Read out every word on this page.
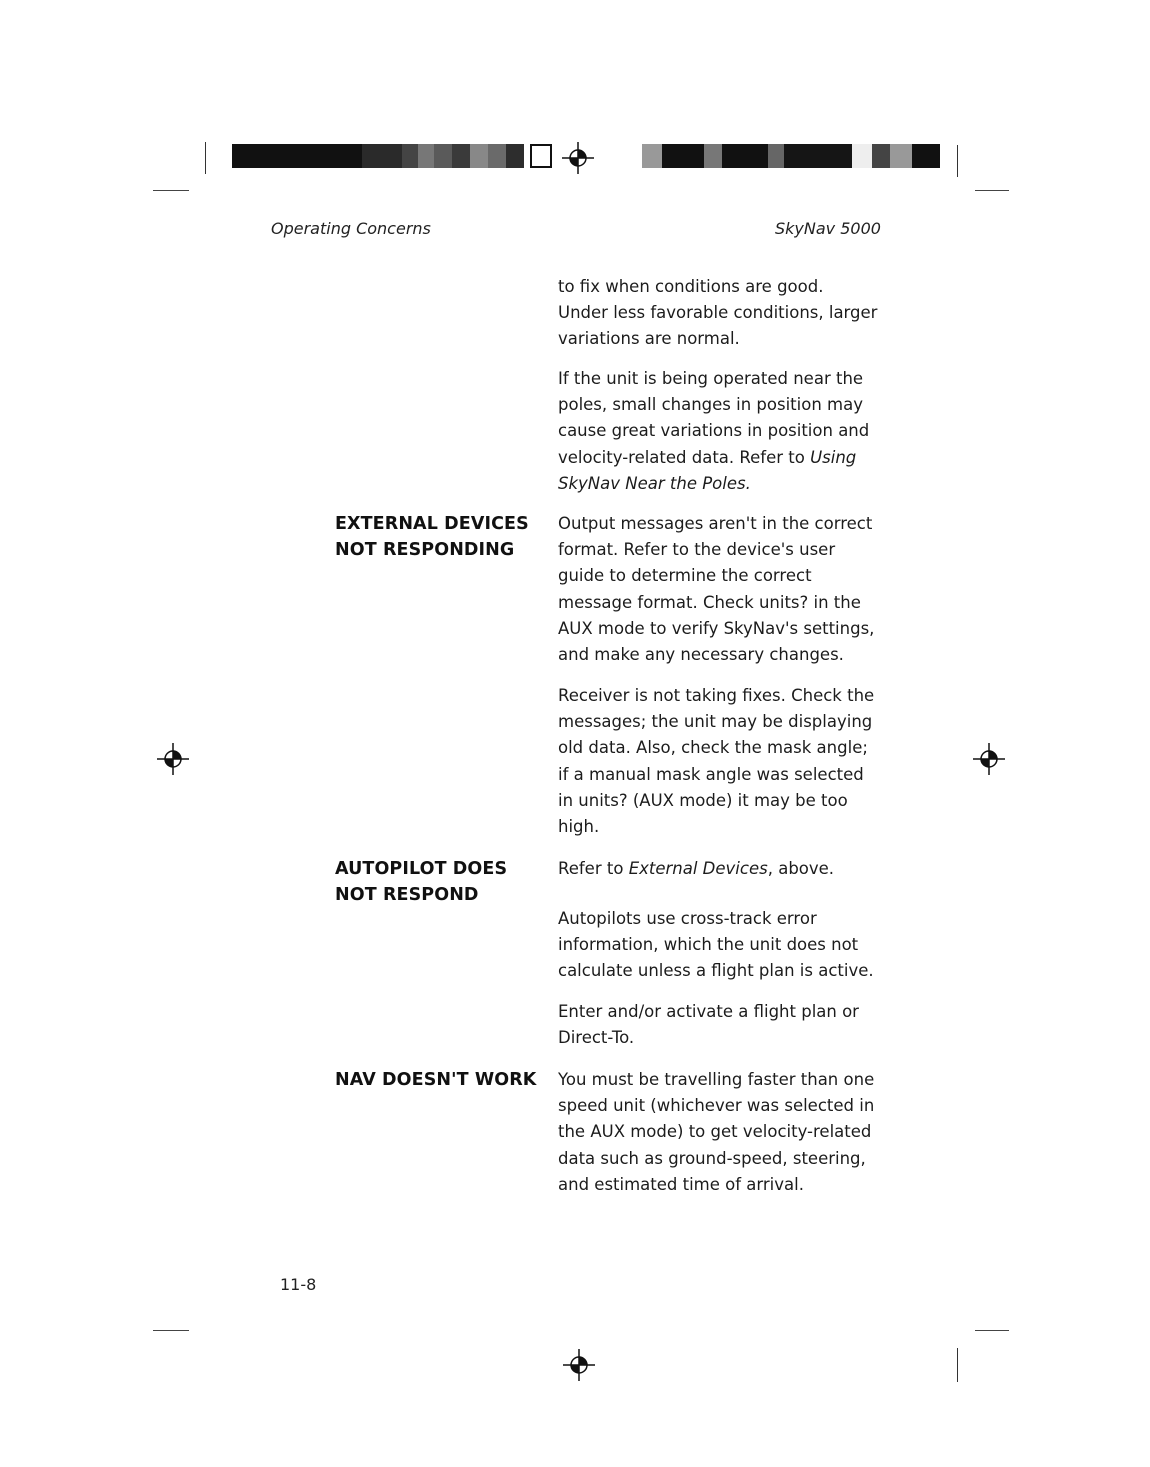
Operating Concerns	SkyNav 5000

to fix when conditions are good. Under less favorable conditions, larger variations are normal.

If the unit is being operated near the poles, small changes in position may cause great variations in position and velocity-related data. Refer to Using SkyNav Near the Poles.

EXTERNAL DEVICES
NOT RESPONDING

Output messages aren't in the correct format. Refer to the device's user guide to determine the correct message format. Check units? in the AUX mode to verify SkyNav's settings, and make any necessary changes.

Receiver is not taking fixes. Check the messages; the unit may be displaying old data. Also, check the mask angle; if a manual mask angle was selected in units? (AUX mode) it may be too high.

AUTOPILOT DOES
NOT RESPOND

Refer to External Devices, above.

Autopilots use cross-track error information, which the unit does not calculate unless a flight plan is active.

Enter and/or activate a flight plan or Direct-To.

NAV DOESN'T WORK You must be travelling faster than one speed unit (whichever was selected in the AUX mode) to get velocity-related data such as ground-speed, steering, and estimated time of arrival.

11-8
